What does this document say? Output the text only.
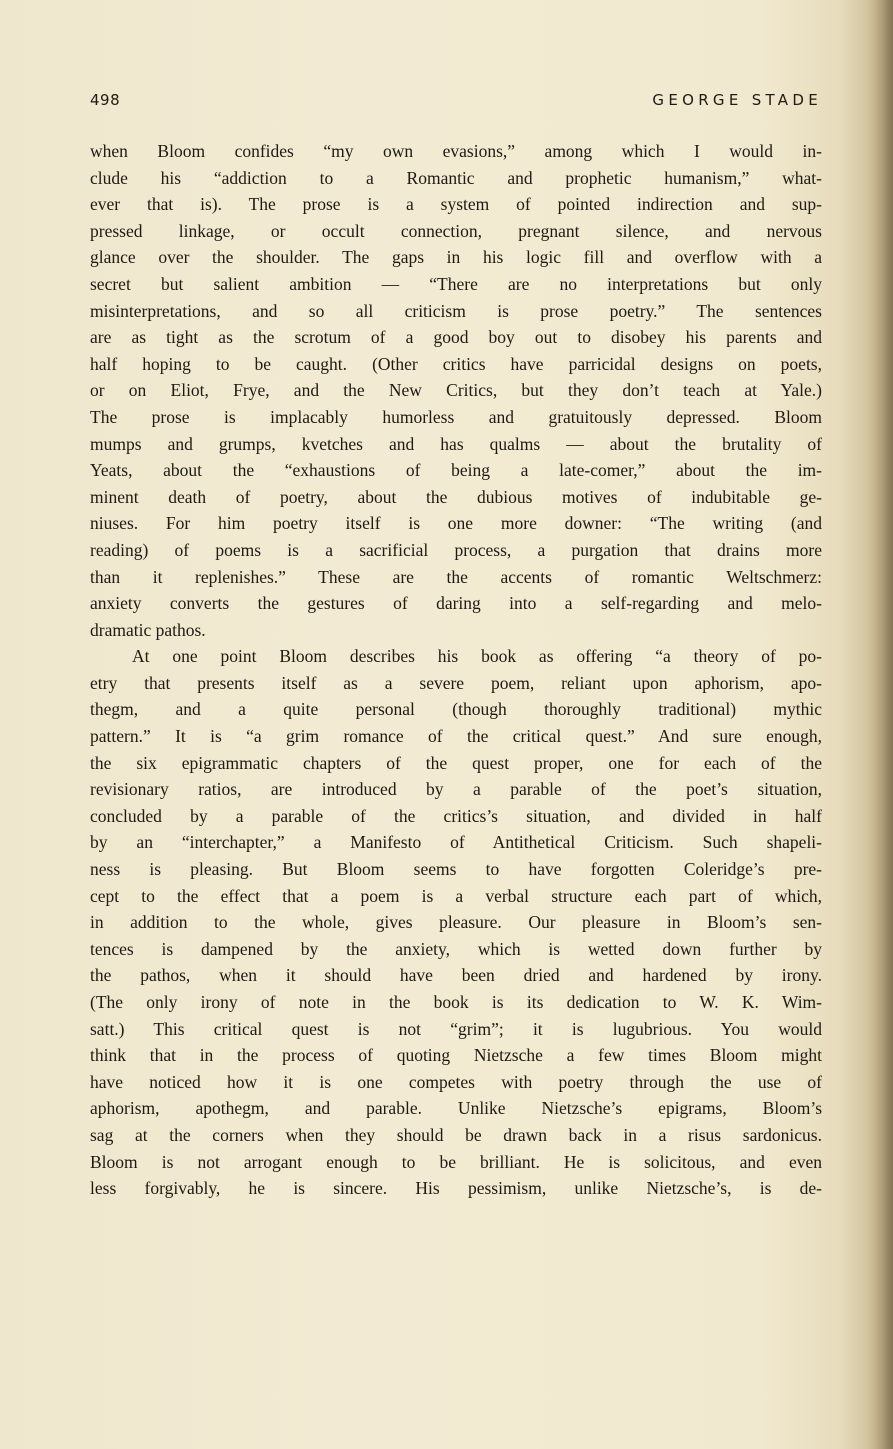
498	GEORGE STADE
when Bloom confides “my own evasions,” among which I would in-
clude his “addiction to a Romantic and prophetic humanism,” what-
ever that is). The prose is a system of pointed indirection and sup-
pressed linkage, or occult connection, pregnant silence, and nervous
glance over the shoulder. The gaps in his logic fill and overflow with a
secret but salient ambition — “There are no interpretations but only
misinterpretations, and so all criticism is prose poetry.” The sentences
are as tight as the scrotum of a good boy out to disobey his parents and
half hoping to be caught. (Other critics have parricidal designs on poets,
or on Eliot, Frye, and the New Critics, but they don’t teach at Yale.)
The prose is implacably humorless and gratuitously depressed. Bloom
mumps and grumps, kvetches and has qualms — about the brutality of
Yeats, about the “exhaustions of being a late-comer,” about the im-
minent death of poetry, about the dubious motives of indubitable ge-
niuses. For him poetry itself is one more downer: “The writing (and
reading) of poems is a sacrificial process, a purgation that drains more
than it replenishes.” These are the accents of romantic Weltschmerz:
anxiety converts the gestures of daring into a self-regarding and melo-
dramatic pathos.
At one point Bloom describes his book as offering “a theory of po-
etry that presents itself as a severe poem, reliant upon aphorism, apo-
thegm, and a quite personal (though thoroughly traditional) mythic
pattern.” It is “a grim romance of the critical quest.” And sure enough,
the six epigrammatic chapters of the quest proper, one for each of the
revisionary ratios, are introduced by a parable of the poet’s situation,
concluded by a parable of the critics’s situation, and divided in half
by an “interchapter,” a Manifesto of Antithetical Criticism. Such shapeli-
ness is pleasing. But Bloom seems to have forgotten Coleridge’s pre-
cept to the effect that a poem is a verbal structure each part of which,
in addition to the whole, gives pleasure. Our pleasure in Bloom’s sen-
tences is dampened by the anxiety, which is wetted down further by
the pathos, when it should have been dried and hardened by irony.
(The only irony of note in the book is its dedication to W. K. Wim-
satt.) This critical quest is not “grim”; it is lugubrious. You would
think that in the process of quoting Nietzsche a few times Bloom might
have noticed how it is one competes with poetry through the use of
aphorism, apothegm, and parable. Unlike Nietzsche’s epigrams, Bloom’s
sag at the corners when they should be drawn back in a risus sardonicus.
Bloom is not arrogant enough to be brilliant. He is solicitous, and even
less forgivably, he is sincere. His pessimism, unlike Nietzsche’s, is de-
